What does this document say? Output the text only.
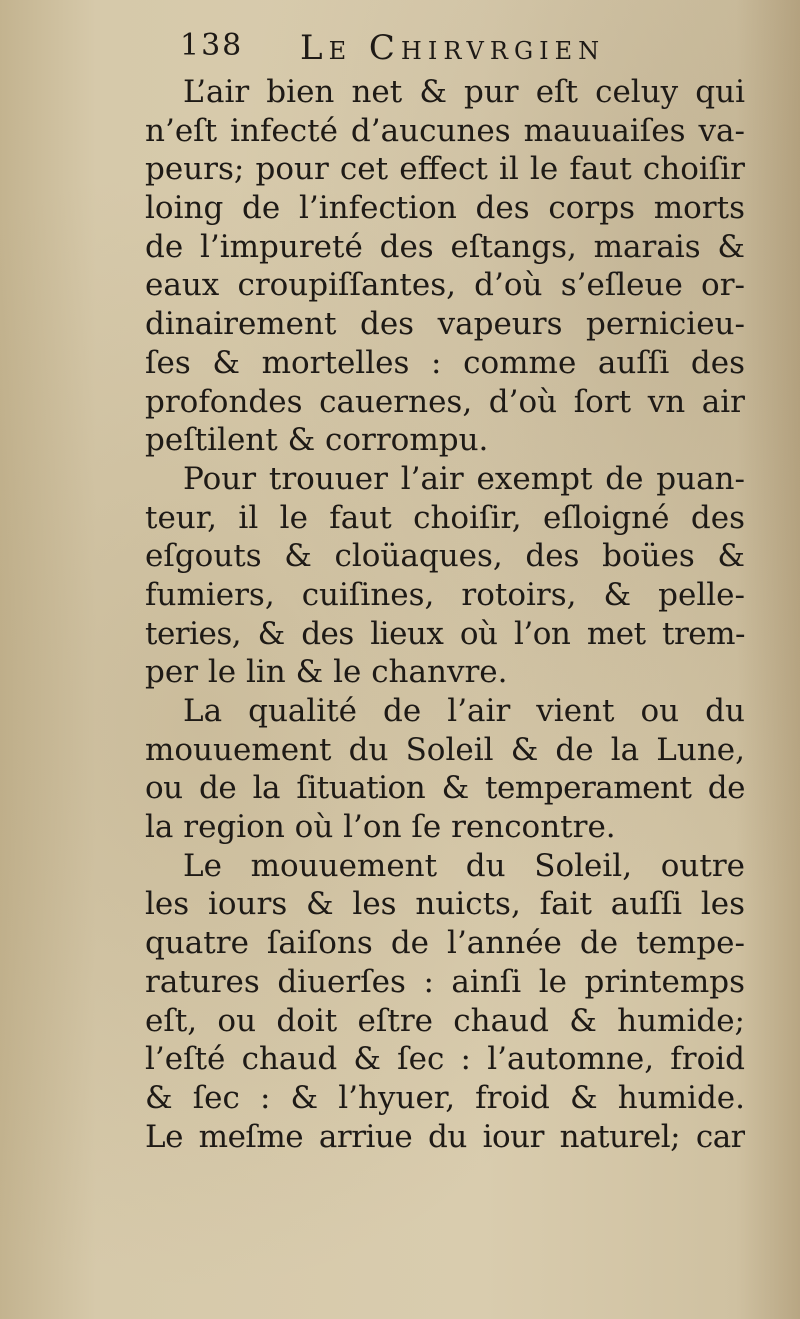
138 Le Chirvrgien
L’air bien net & pur eſt celuy qui
n’eſt infecté d’aucunes mauuaiſes va-
peurs; pour cet effect il le faut choiſir
loing de l’infection des corps morts
de l’impureté des eſtangs, marais &
eaux croupiſſantes, d’où s’eſleue or-
dinairement des vapeurs pernicieu-
ſes & mortelles : comme auſſi des
profondes cauernes, d’où ſort vn air
peſtilent & corrompu.
Pour trouuer l’air exempt de puan-
teur, il le faut choiſir, eſloigné des
eſgouts & cloüaques, des boües &
fumiers, cuiſines, rotoirs, & pelle-
teries, & des lieux où l’on met trem-
per le lin & le chanvre.
La qualité de l’air vient ou du
mouuement du Soleil & de la Lune,
ou de la ſituation & temperament de
la region où l’on ſe rencontre.
Le mouuement du Soleil, outre
les iours & les nuicts, fait auſſi les
quatre ſaiſons de l’année de tempe-
ratures diuerſes : ainſi le printemps
eſt, ou doit eſtre chaud & humide;
l’eſté chaud & ſec : l’automne, froid
& ſec : & l’hyuer, froid & humide.
Le meſme arriue du iour naturel; car
